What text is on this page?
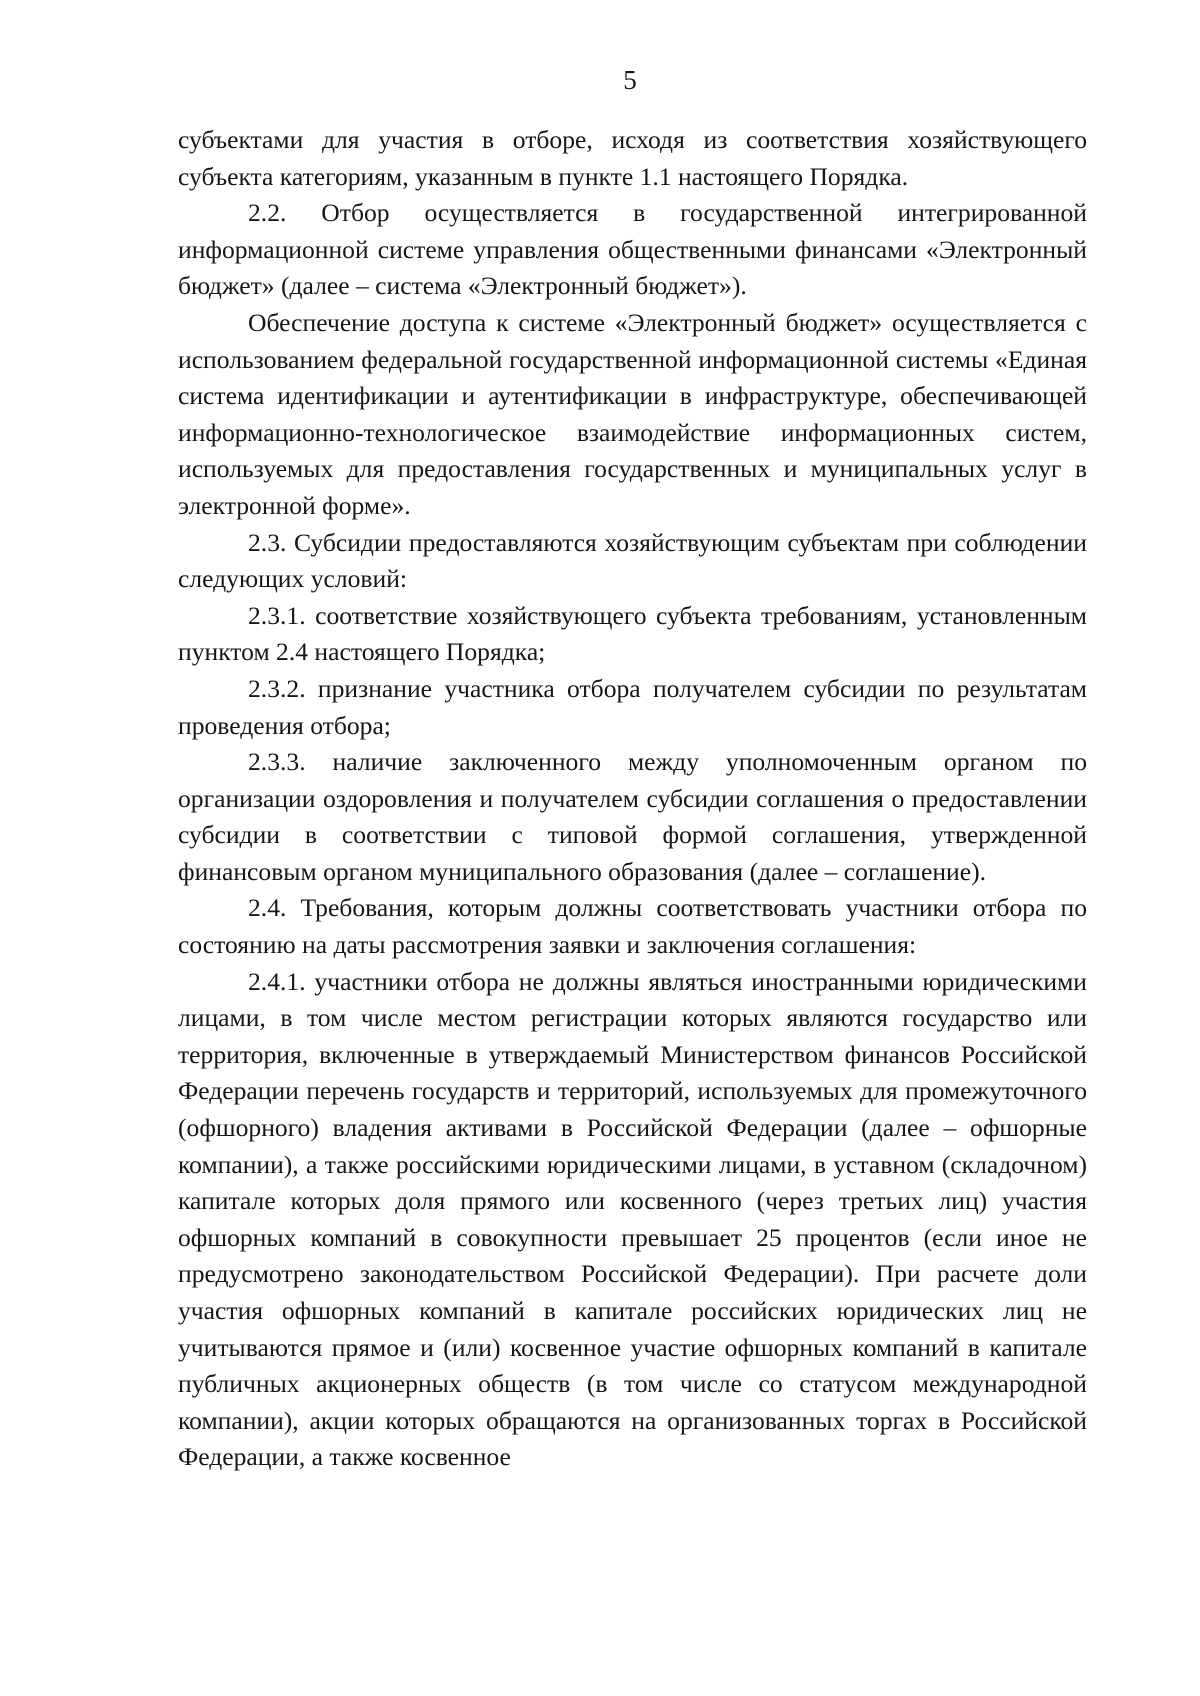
5

субъектами для участия в отборе, исходя из соответствия хозяйствующего субъекта категориям, указанным в пункте 1.1 настоящего Порядка.

2.2. Отбор осуществляется в государственной интегрированной информационной системе управления общественными финансами «Электронный бюджет» (далее – система «Электронный бюджет»).

Обеспечение доступа к системе «Электронный бюджет» осуществляется с использованием федеральной государственной информационной системы «Единая система идентификации и аутентификации в инфраструктуре, обеспечивающей информационно-технологическое взаимодействие информационных систем, используемых для предоставления государственных и муниципальных услуг в электронной форме».

2.3. Субсидии предоставляются хозяйствующим субъектам при соблюдении следующих условий:

2.3.1. соответствие хозяйствующего субъекта требованиям, установленным пунктом 2.4 настоящего Порядка;

2.3.2. признание участника отбора получателем субсидии по результатам проведения отбора;

2.3.3. наличие заключенного между уполномоченным органом по организации оздоровления и получателем субсидии соглашения о предоставлении субсидии в соответствии с типовой формой соглашения, утвержденной финансовым органом муниципального образования (далее – соглашение).

2.4. Требования, которым должны соответствовать участники отбора по состоянию на даты рассмотрения заявки и заключения соглашения:

2.4.1. участники отбора не должны являться иностранными юридическими лицами, в том числе местом регистрации которых являются государство или территория, включенные в утверждаемый Министерством финансов Российской Федерации перечень государств и территорий, используемых для промежуточного (офшорного) владения активами в Российской Федерации (далее – офшорные компании), а также российскими юридическими лицами, в уставном (складочном) капитале которых доля прямого или косвенного (через третьих лиц) участия офшорных компаний в совокупности превышает 25 процентов (если иное не предусмотрено законодательством Российской Федерации). При расчете доли участия офшорных компаний в капитале российских юридических лиц не учитываются прямое и (или) косвенное участие офшорных компаний в капитале публичных акционерных обществ (в том числе со статусом международной компании), акции которых обращаются на организованных торгах в Российской Федерации, а также косвенное
